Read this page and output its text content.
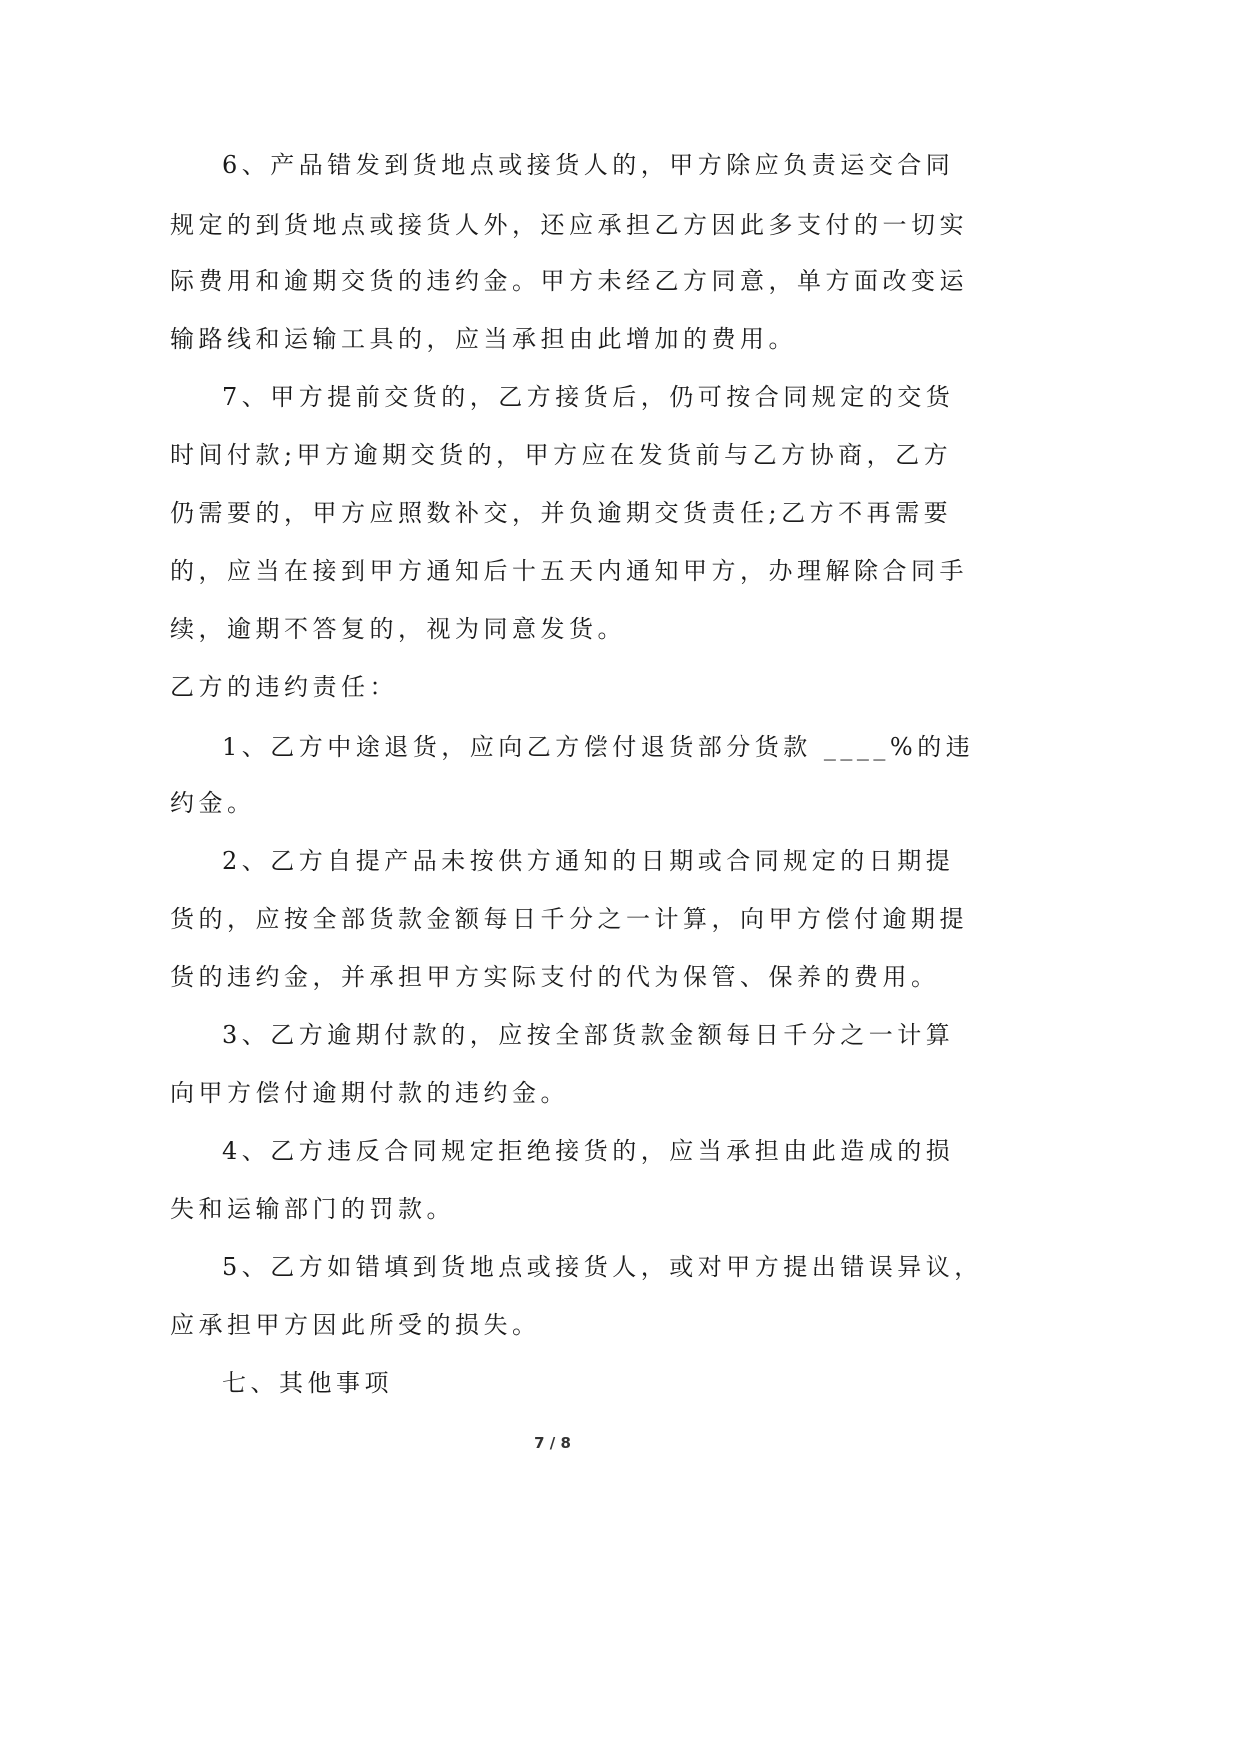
6、产品错发到货地点或接货人的，甲方除应负责运交合同
规定的到货地点或接货人外，还应承担乙方因此多支付的一切实
际费用和逾期交货的违约金。甲方未经乙方同意，单方面改变运
输路线和运输工具的，应当承担由此增加的费用。
7、甲方提前交货的，乙方接货后，仍可按合同规定的交货
时间付款;甲方逾期交货的，甲方应在发货前与乙方协商，乙方
仍需要的，甲方应照数补交，并负逾期交货责任;乙方不再需要
的，应当在接到甲方通知后十五天内通知甲方，办理解除合同手
续，逾期不答复的，视为同意发货。
乙方的违约责任：
1、乙方中途退货，应向乙方偿付退货部分货款 ____%的违
约金。
2、乙方自提产品未按供方通知的日期或合同规定的日期提
货的，应按全部货款金额每日千分之一计算，向甲方偿付逾期提
货的违约金，并承担甲方实际支付的代为保管、保养的费用。
3、乙方逾期付款的，应按全部货款金额每日千分之一计算
向甲方偿付逾期付款的违约金。
4、乙方违反合同规定拒绝接货的，应当承担由此造成的损
失和运输部门的罚款。
5、乙方如错填到货地点或接货人，或对甲方提出错误异议，
应承担甲方因此所受的损失。
七、其他事项
7 / 8
